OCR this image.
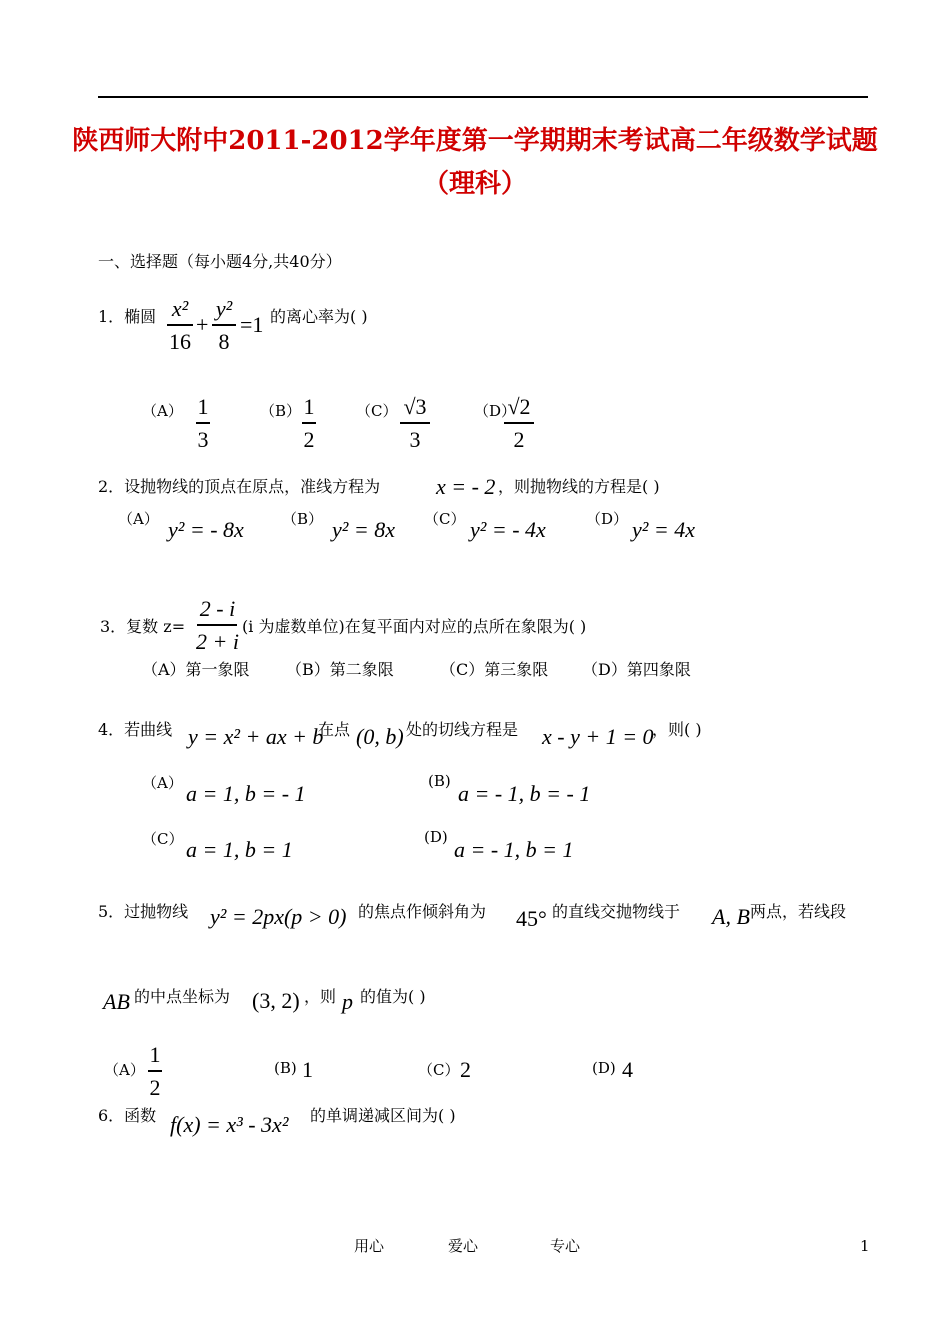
陕西师大附中2011-2012学年度第一学期期末考试高二年级数学试题
（理科）
一、选择题（每小题4分,共40分）
1．椭圆 x²
16
+
y²
8
=1 的离心率为( )
（A） 1
3
（B） 1
2
（C） √3
3
（D）
√2
2
2．设抛物线的顶点在原点，准线方程为	x = - 2 ，则抛物线的方程是( )
（A） y² = - 8x	（B） y² = 8x （C） y² = - 4x	（D） y² = 4x
3．复数 z=
2 - i
2 + i
(i 为虚数单位)在复平面内对应的点所在象限为( )
（A）第一象限 （B）第二象限	（C）第三象限 （D）第四象限
4．若曲线 y = x² + ax + b
在点 (0, b) 处的切线方程是 x - y + 1 = 0
，则( )
（A） a = 1, b = - 1	(B) a = - 1, b = - 1
（C） a = 1, b = 1	(D) a = - 1, b = 1
5．过抛物线 y² = 2px(p > 0) 的焦点作倾斜角为 45° 的直线交抛物线于 A, B 两点，若线段
AB 的中点坐标为 (3, 2) ，则 p 的值为( )
（A）
1
2
(B) 1	（C） 2	(D) 4
6．函数 f(x) = x³ - 3x² 的单调递减区间为( )
用心	爱心	专心	1
